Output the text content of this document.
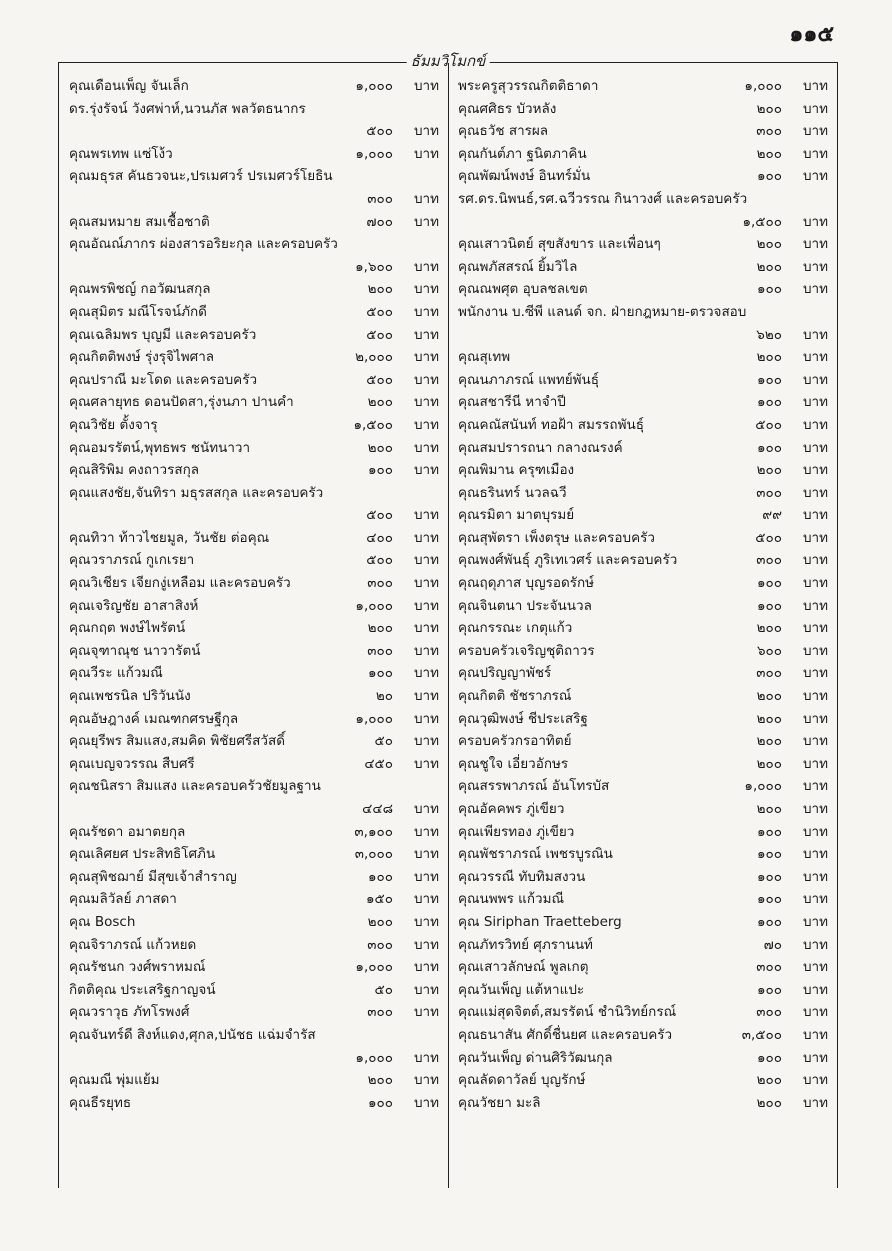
๑๑๕
ธัมมวิโมกข์
คุณเดือนเพ็ญ จันเล็ก	๑,๐๐๐ บาท
ดร.รุ่งรัจน์ วังศพ่าห์,นวนภัส พลวัตธนากร
๕๐๐ บาท
คุณพรเทพ แซ่โง้ว	๑,๐๐๐ บาท
คุณมธุรส คันธวจนะ,ปรเมศวร์ ปรเมศวร์โยธิน
๓๐๐ บาท
คุณสมหมาย สมเชื้อชาติ	๗๐๐ บาท
คุณอัณณ์ภากร ผ่องสารอริยะกุล และครอบครัว
๑,๖๐๐ บาท
คุณพรพิชญ์ กอวัฒนสกุล	๒๐๐ บาท
คุณสุมิตร มณีโรจน์ภักดี	๕๐๐ บาท
คุณเฉลิมพร บุญมี และครอบครัว	๕๐๐ บาท
คุณกิตติพงษ์ รุ่งรุจิไพศาล	๒,๐๐๐ บาท
คุณปราณี มะโดด และครอบครัว	๕๐๐ บาท
คุณศลายุทธ ดอนปัดสา,รุ่งนภา ปานคำ	๒๐๐ บาท
คุณวิชัย ตั้งจารุ	๑,๕๐๐ บาท
คุณอมรรัตน์,พุทธพร ชนัทนาวา	๒๐๐ บาท
คุณสิริพิม คงถาวรสกุล	๑๐๐ บาท
คุณแสงชัย,จันทิรา มธุรสสกุล และครอบครัว
๕๐๐ บาท
คุณทิวา ท้าวไชยมูล, วันชัย ต่อคุณ	๔๐๐ บาท
คุณวราภรณ์ กูเกเรยา	๕๐๐ บาท
คุณวิเชียร เจียกงู่เหลือม และครอบครัว	๓๐๐ บาท
คุณเจริญชัย อาสาสิงห์	๑,๐๐๐ บาท
คุณกฤต พงษ์ไพรัตน์	๒๐๐ บาท
คุณจุฑาณุช นาวารัตน์	๓๐๐ บาท
คุณวีระ แก้วมณี	๑๐๐ บาท
คุณเพชรนิล ปริวันนัง	๒๐ บาท
คุณอัษฎางค์ เมณฑกศรษฐีกุล	๑,๐๐๐ บาท
คุณยุรีพร สิมแสง,สมคิด พิชัยศรีสวัสดิ์	๕๐ บาท
คุณเบญจวรรณ สืบศรี	๔๕๐ บาท
คุณชนิสรา สิมแสง และครอบครัวชัยมูลฐาน
๔๔๘ บาท
คุณรัชดา อมาตยกุล	๓,๑๐๐ บาท
คุณเลิศยศ ประสิทธิโศภิน	๓,๐๐๐ บาท
คุณสุพิชฌาย์ มีสุขเจ้าสำราญ	๑๐๐ บาท
คุณมลิวัลย์ ภาสดา	๑๕๐ บาท
คุณ Bosch	๒๐๐ บาท
คุณจิราภรณ์ แก้วหยด	๓๐๐ บาท
คุณรัชนก วงศ์พราหมณ์	๑,๐๐๐ บาท
กิตติคุณ ประเสริฐกาญจน์	๕๐ บาท
คุณวราวุธ ภัทโรพงศ์	๓๐๐ บาท
คุณจันทร์ดี สิงห์แดง,ศุกล,ปนัชธ แฉ่มจำรัส
๑,๐๐๐ บาท
คุณมณี พุ่มแย้ม	๒๐๐ บาท
คุณธีรยุทธ	๑๐๐ บาท
พระครูสุวรรณกิตติธาดา	๑,๐๐๐ บาท
คุณศศิธร บัวหลัง	๒๐๐ บาท
คุณธวัช สารผล	๓๐๐ บาท
คุณกันต์ภา ฐนิตภาคิน	๒๐๐ บาท
คุณพัฒน์พงษ์ อินทร์มั่น	๑๐๐ บาท
รศ.ดร.นิพนธ์,รศ.ฉวีวรรณ กินาวงศ์ และครอบครัว
๑,๕๐๐ บาท
คุณเสาวนิตย์ สุขสังขาร และเพื่อนๆ	๒๐๐ บาท
คุณพภัสสรณ์ ยิ้มวิไล	๒๐๐ บาท
คุณณพศุต อุบลชลเขต	๑๐๐ บาท
พนักงาน บ.ซีพี แลนด์ จก. ฝ่ายกฎหมาย-ตรวจสอบ
๖๒๐ บาท
คุณสุเทพ	๒๐๐ บาท
คุณนภาภรณ์ แพทย์พันธุ์	๑๐๐ บาท
คุณสชารีนี หาจำปี	๑๐๐ บาท
คุณคณัสนันท์ ทอฝ้า สมรรถพันธุ์	๕๐๐ บาท
คุณสมปรารถนา กลางณรงค์	๑๐๐ บาท
คุณพิมาน ครุฑเมือง	๒๐๐ บาท
คุณธรินทร์ นวลฉวี	๓๐๐ บาท
คุณรมิตา มาตบุรมย์	๙๙ บาท
คุณสุพัตรา เพ็งตรุษ และครอบครัว	๕๐๐ บาท
คุณพงศ์พันธุ์ ภูริเทเวศร์ และครอบครัว	๓๐๐ บาท
คุณฤดุภาส บุญรอดรักษ์	๑๐๐ บาท
คุณจินตนา ประจันนวล	๑๐๐ บาท
คุณกรรณะ เกตุแก้ว	๒๐๐ บาท
ครอบครัวเจริญชุติถาวร	๖๐๐ บาท
คุณปริญญาพัชร์	๓๐๐ บาท
คุณกิตติ ชัชราภรณ์	๒๐๐ บาท
คุณวุฒิพงษ์ ชีประเสริฐ	๒๐๐ บาท
ครอบครัวกรอาทิตย์	๒๐๐ บาท
คุณชูใจ เอี่ยวอักษร	๒๐๐ บาท
คุณสรรพาภรณ์ อันโทรบัส	๑,๐๐๐ บาท
คุณอัคคพร ภู่เขียว	๒๐๐ บาท
คุณเพียรทอง ภู่เขียว	๑๐๐ บาท
คุณพัชราภรณ์ เพชรบูรณิน	๑๐๐ บาท
คุณวรรณี ทับทิมสงวน	๑๐๐ บาท
คุณนพพร แก้วมณี	๑๐๐ บาท
คุณ Siriphan Traetteberg	๑๐๐ บาท
คุณภัทรวิทย์ ศุภรานนท์	๗๐ บาท
คุณเสาวลักษณ์ พูลเกตุ	๓๐๐ บาท
คุณวันเพ็ญ แต้หาแปะ	๑๐๐ บาท
คุณแม่สุดจิตต์,สมรรัตน์ ชำนิวิทย์กรณ์	๓๐๐ บาท
คุณธนาสัน ศักดิ์ชื่นยศ และครอบครัว	๓,๕๐๐ บาท
คุณวันเพ็ญ ด่านศิริวัฒนกุล	๑๐๐ บาท
คุณลัดดาวัลย์ บุญรักษ์	๒๐๐ บาท
คุณวัชยา มะลิ	๒๐๐ บาท
